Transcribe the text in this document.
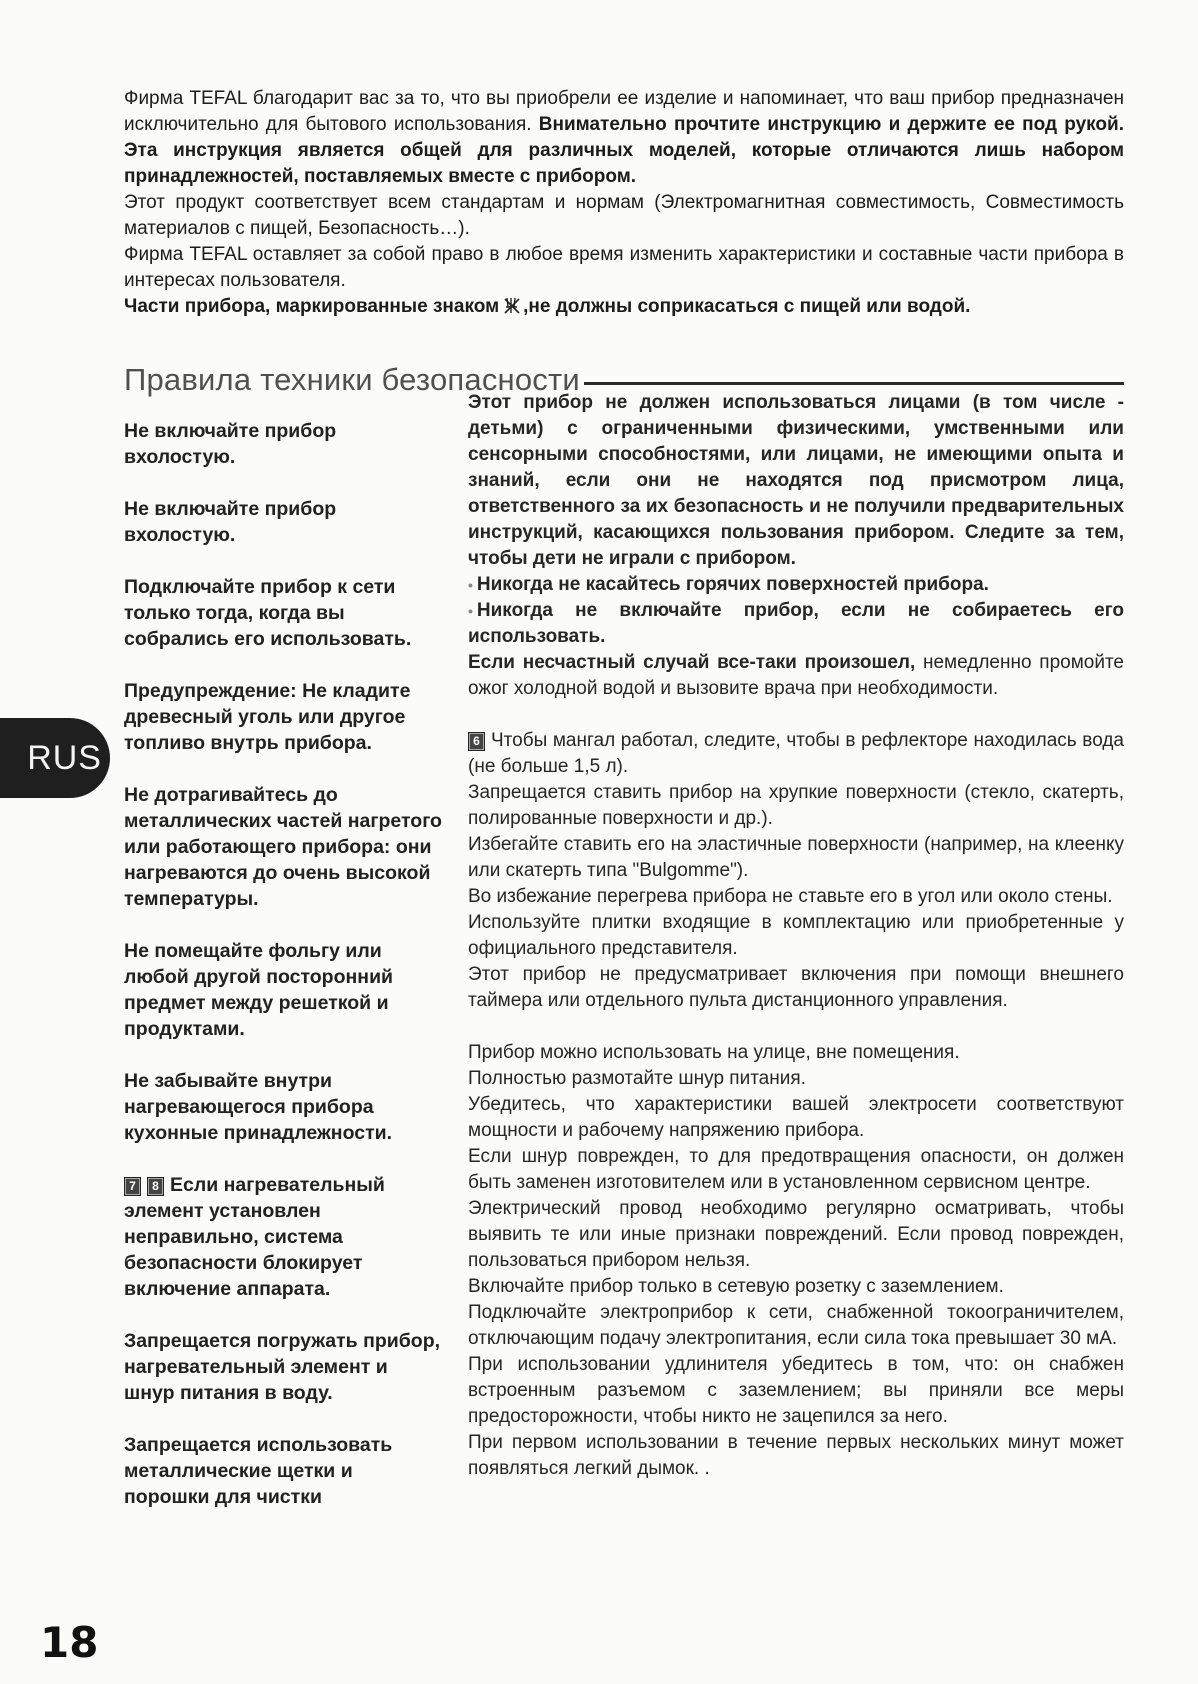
Фирма TEFAL благодарит вас за то, что вы приобрели ее изделие и напоминает, что ваш прибор предназначен исключительно для бытового использования. Внимательно прочтите инструкцию и держите ее под рукой. Эта инструкция является общей для различных моделей, которые отличаются лишь набором принадлежностей, поставляемых вместе с прибором.

Этот продукт соответствует всем стандартам и нормам (Электромагнитная совместимость, Совместимость материалов с пищей, Безопасность…).

Фирма TEFAL оставляет за собой право в любое время изменить характеристики и составные части прибора в интересах пользователя.

Части прибора, маркированные знаком ,не должны соприкасаться с пищей или водой.

Правила техники безопасности
RUS

Не включайте прибор вхолостую.

Не включайте прибор вхолостую.

Подключайте прибор к сети только тогда, когда вы собрались его использовать.

Предупреждение: Не кладите древесный уголь или другое топливо внутрь прибора.

Не дотрагивайтесь до металлических частей нагретого или работающего прибора: они нагреваются до очень высокой температуры.

Не помещайте фольгу или любой другой посторонний предмет между решеткой и продуктами.

Не забывайте внутри нагревающегося прибора кухонные принадлежности.

7 8 Если нагревательный элемент установлен неправильно, система безопасности блокирует включение аппарата.

Запрещается погружать прибор, нагревательный элемент и шнур питания в воду.

Запрещается использовать металлические щетки и порошки для чистки

Этот прибор не должен использоваться лицами (в том числе - детьми) с ограниченными физическими, умственными или сенсорными способностями, или лицами, не имеющими опыта и знаний, если они не находятся под присмотром лица, ответственного за их безопасность и не получили предварительных инструкций, касающихся пользования прибором. Следите за тем, чтобы дети не играли с прибором.

• Никогда не касайтесь горячих поверхностей прибора.

• Никогда не включайте прибор, если не собираетесь его использовать.

Если несчастный случай все-таки произошел, немедленно промойте ожог холодной водой и вызовите врача при необходимости.

6 Чтобы мангал работал, следите, чтобы в рефлекторе находилась вода (не больше 1,5 л).

Запрещается ставить прибор на хрупкие поверхности (стекло, скатерть, полированные поверхности и др.).

Избегайте ставить его на эластичные поверхности (например, на клеенку или скатерть типа "Bulgomme").

Во избежание перегрева прибора не ставьте его в угол или около стены.

Используйте плитки входящие в комплектацию или приобретенные у официального представителя.

Этот прибор не предусматривает включения при помощи внешнего таймера или отдельного пульта дистанционного управления.

Прибор можно использовать на улице, вне помещения.

Полностью размотайте шнур питания.

Убедитесь, что характеристики вашей электросети соответствуют мощности и рабочему напряжению прибора.

Если шнур поврежден, то для предотвращения опасности, он должен быть заменен изготовителем или в установленном сервисном центре.

Электрический провод необходимо регулярно осматривать, чтобы выявить те или иные признаки повреждений. Если провод поврежден, пользоваться прибором нельзя.

Включайте прибор только в сетевую розетку с заземлением.

Подключайте электроприбор к сети, снабженной токоограничителем, отключающим подачу электропитания, если сила тока превышает 30 мА.

При использовании удлинителя убедитесь в том, что: он снабжен встроенным разъемом с заземлением; вы приняли все меры предосторожности, чтобы никто не зацепился за него.

При первом использовании в течение первых нескольких минут может появляться легкий дымок. .

18
